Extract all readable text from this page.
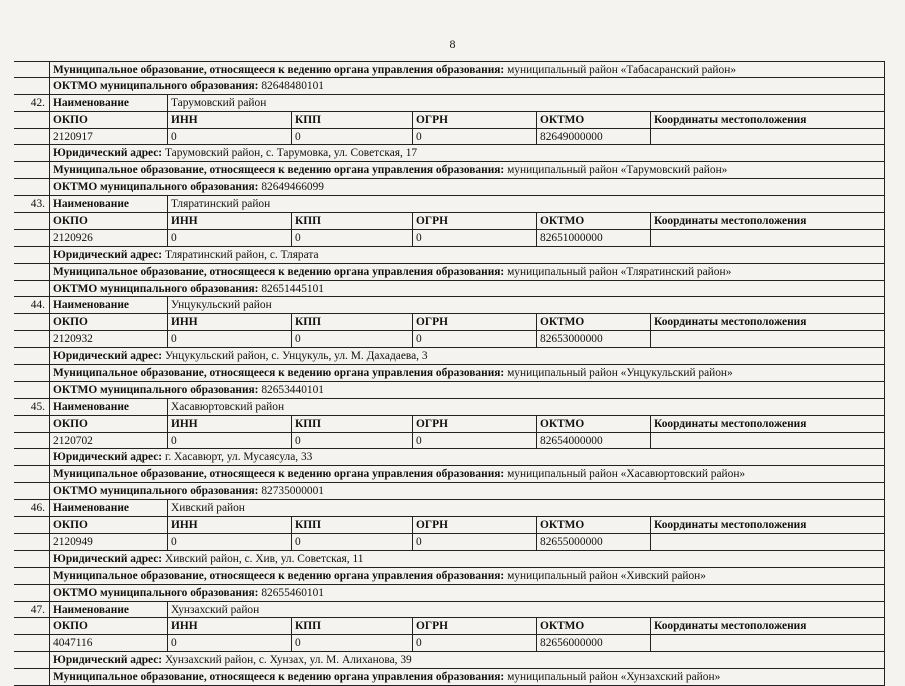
8
Муниципальное образование, относящееся к ведению органа управления образования: муниципальный район «Табасаранский район»
ОКТМО муниципального образования: 82648480101
42. Наименование	Тарумовский район
ОКПО	ИНН	КПП	ОГРН	ОКТМО	Координаты местоположения
2120917	0	0	0	82649000000
Юридический адрес: Тарумовский район, с. Тарумовка, ул. Советская, 17
Муниципальное образование, относящееся к ведению органа управления образования: муниципальный район «Тарумовский район»
ОКТМО муниципального образования: 82649466099
43. Наименование	Тляратинский район
ОКПО	ИНН	КПП	ОГРН	ОКТМО	Координаты местоположения
2120926	0	0	0	82651000000
Юридический адрес: Тляратинский район, с. Тлярата
Муниципальное образование, относящееся к ведению органа управления образования: муниципальный район «Тляратинский район»
ОКТМО муниципального образования: 82651445101
44. Наименование	Унцукульский район
ОКПО	ИНН	КПП	ОГРН	ОКТМО	Координаты местоположения
2120932	0	0	0	82653000000
Юридический адрес: Унцукульский район, с. Унцукуль, ул. М. Дахадаева, 3
Муниципальное образование, относящееся к ведению органа управления образования: муниципальный район «Унцукульский район»
ОКТМО муниципального образования: 82653440101
45. Наименование	Хасавюртовский район
ОКПО	ИНН	КПП	ОГРН	ОКТМО	Координаты местоположения
2120702	0	0	0	82654000000
Юридический адрес: г. Хасавюрт, ул. Мусаясула, 33
Муниципальное образование, относящееся к ведению органа управления образования: муниципальный район «Хасавюртовский район»
ОКТМО муниципального образования: 82735000001
46. Наименование	Хивский район
ОКПО	ИНН	КПП	ОГРН	ОКТМО	Координаты местоположения
2120949	0	0	0	82655000000
Юридический адрес: Хивский район, с. Хив, ул. Советская, 11
Муниципальное образование, относящееся к ведению органа управления образования: муниципальный район «Хивский район»
ОКТМО муниципального образования: 82655460101
47. Наименование	Хунзахский район
ОКПО	ИНН	КПП	ОГРН	ОКТМО	Координаты местоположения
4047116	0	0	0	82656000000
Юридический адрес: Хунзахский район, с. Хунзах, ул. М. Алиханова, 39
Муниципальное образование, относящееся к ведению органа управления образования: муниципальный район «Хунзахский район»
